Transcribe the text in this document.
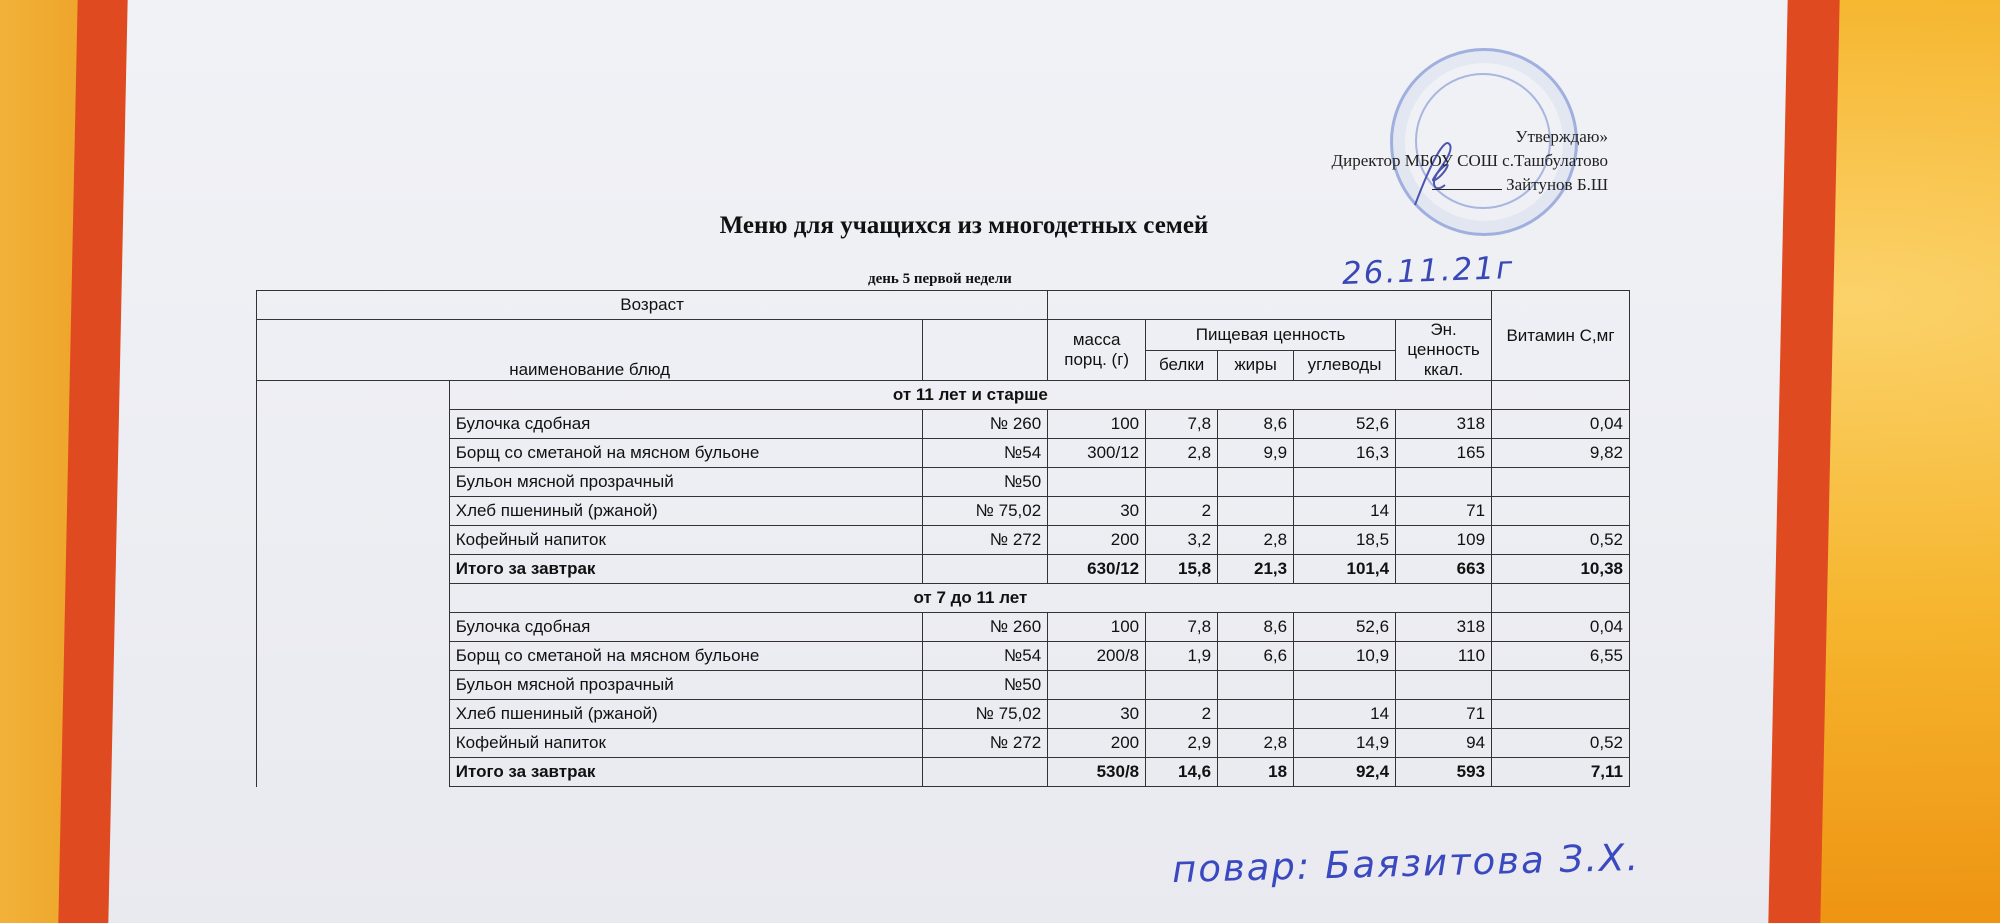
Утверждаю»
Директор МБОУ СОШ с.Ташбулатово
Зайтунов Б.Ш
Меню для учащихся из многодетных семей
день 5 первой недели	26.11.21г
Возраст								Витамин С,мг
наименование блюд			масса порц. (г)	Пищевая ценность			Эн. ценность ккал.	
				белки	жиры	углеводы		
	от 11 лет и старше							
	Булочка сдобная	№ 260	100	7,8	8,6	52,6	318	0,04
	Борщ со сметаной на мясном бульоне	№54	300/12	2,8	9,9	16,3	165	9,82
	Бульон мясной прозрачный	№50						
	Хлеб пшениный (ржаной)	№ 75,02	30	2		14	71	
	Кофейный напиток	№ 272	200	3,2	2,8	18,5	109	0,52
	Итого за завтрак		630/12	15,8	21,3	101,4	663	10,38
	от 7 до 11 лет							
	Булочка сдобная	№ 260	100	7,8	8,6	52,6	318	0,04
	Борщ со сметаной на мясном бульоне	№54	200/8	1,9	6,6	10,9	110	6,55
	Бульон мясной прозрачный	№50						
	Хлеб пшениный (ржаной)	№ 75,02	30	2		14	71	
	Кофейный напиток	№ 272	200	2,9	2,8	14,9	94	0,52
	Итого за завтрак		530/8	14,6	18	92,4	593	7,11
повар: Баязитова З.Х.
